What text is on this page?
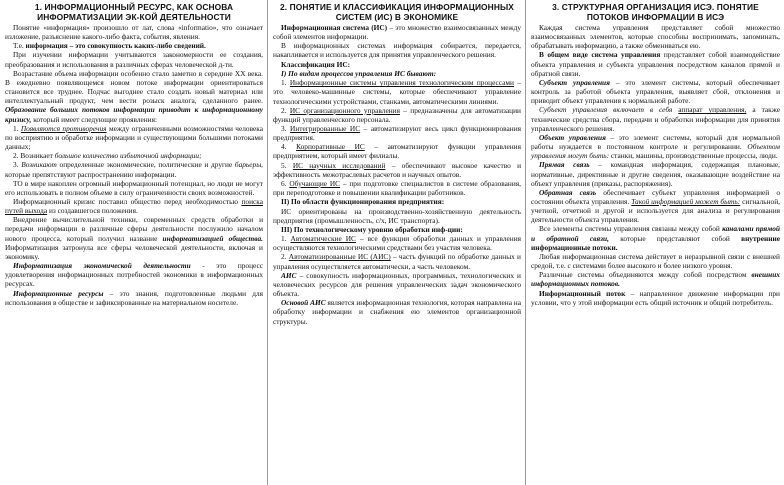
1. ИНФОРМАЦИОННЫЙ РЕСУРС, КАК ОСНОВА ИНФОРМАТИЗАЦИИ ЭК-КОЙ ДЕЯТЕЛЬНОСТИ

Понятие «информация» произошло от лат, слова «informatio», что означает изложение, разъяснение какого-либо факта, события, явления.

Т.е. информация – это совокупность каких-либо сведений.

При изучении информации учитываются закономерности ее создания, преобразования и использования в различных сферах человеческой д-ти.

Возрастание объема информации особенно стало заметно в середине ХХ века. В ежедневно появляющемся новом потоке информации ориентироваться становится все труднее. Подчас выгоднее стало создать новый материал или интеллектуальный продукт, чем вести розыск аналога, сделанного ранее. Образование больших потоков информации приводит к информационному кризису, который имеет следующие проявления:

1. Появляются противоречия между ограниченными возможностями человека по восприятию и обработке информации и существующими большими потоками данных;

2. Возникает большое количество избыточной информации;

3. Возникают определенные экономические, политические и другие барьеры, которые препятствуют распространению информации.

ТО в мире накоплен огромный информационный потенциал, но люди не могут его использовать в полном объеме в силу ограниченности своих возможностей.

Информационный кризис поставил общество перед необходимостью поиска путей выхода из создавшегося положения.

Внедрение вычислительной техники, современных средств обработки и передачи информации в различные сферы деятельности послужило началом нового процесса, который получил название информатизацией общества. Информатизация затронула все сферы человеческой деятельности, включая и экономику.

Информатизация экономической деятельности - это процесс удовлетворения информационных потребностей экономики в информационных ресурсах.

Информационные ресурсы – это знания, подготовленные людьми для использования в обществе и зафиксированные на материальном носителе.

2. ПОНЯТИЕ И КЛАССИФИКАЦИЯ ИНФОРМАЦИОННЫХ СИСТЕМ (ИС) В ЭКОНОМИКЕ

Информационная система (ИС) – это множество взаимосвязанных между собой элементов информации.

В информационных системах информация собирается, передается, накапливается и используется для принятия управленческого решения.

Классификация ИС:
I) По видам процессов управления ИС бывают:

1. Информационные системы управления технологическим процессами – это человеко-машинные системы, которые обеспечивают управление технологическими устройствами, станками, автоматическими линиями.

2. ИС организационного управления – предназначены для автоматизации функций управленческого персонала.

3. Интегрированные ИС – автоматизируют весь цикл функционирования предприятия.

4. Корпоративные ИС – автоматизируют функции управления предприятием, который имеет филиалы.

5. ИС научных исследований – обеспечивают высокое качество и эффективность межотраслевых расчетов и научных опытов.

6. Обучающие ИС – при подготовке специалистов в системе образования, при переподготовке и повышении квалификации работников.

II) По области функционирования предприятия:

ИС ориентированы на производственно-хозяйственную деятельность предприятия (промышленность, с/х, ИС транспорта).

III) По технологическому уровню обработки инф-ции:

1. Автоматические ИС – все функции обработки данных и управления осуществляются технологическими средствами без участия человека.

2. Автоматизированные ИС (АИС) – часть функций по обработке данных и управления осуществляется автоматически, а часть человеком.

АИС – совокупность информационных, программных, технологических и человеческих ресурсов для решения управленческих задач экономического объекта.

Основой АИС является информационная технология, которая направлена на обработку информации и снабжения ею элементов организационной структуры.

3. СТРУКТУРНАЯ ОРГАНИЗАЦИЯ ИСЭ. ПОНЯТИЕ ПОТОКОВ ИНФОРМАЦИИ В ИСЭ

Каждая система управления представляет собой множество взаимосвязанных элементов, которые способны воспринимать, запоминать, обрабатывать информацию, а также обмениваться ею.

В общем виде система управления представляет собой взаимодействие объекта управления и субъекта управления посредством каналов прямой и обратной связи.

Субъект управления – это элемент системы, который обеспечивает контроль за работой объекта управления, выявляет сбой, отклонения и приводит объект управления к нормальной работе.

Субъект управления включает в себя аппарат управления, а также технические средства сбора, передачи и обработки информации для принятия управленческого решения.

Объект управления – это элемент системы, который для нормальной работы нуждается в постоянном контроле и регулировании. Объектом управления могут быть: станки, машины, производственные процессы, люди.

Прямая связь – командная информация, содержащая плановые, нормативные, директивные и другие сведения, оказывающие воздействие на объект управления (приказы, распоряжения).

Обратная связь обеспечивает субъект управления информацией о состоянии объекта управления. Такой информацией может быть: сигнальной, учетной, отчетной и другой и используется для анализа и регулирования деятельности объекта управления.

Все элементы системы управления связаны между собой каналами прямой и обратной связи, которые представляют собой внутренние информационные потоки.

Любая информационная система действует в неразрывной связи с внешней средой, т.е. с системами более высокого и более низкого уровня.

Различные системы объединяются между собой посредством внешних информационных потоков.

Информационный поток – направленное движение информации при условии, что у этой информации есть общий источник и общий потребитель.
